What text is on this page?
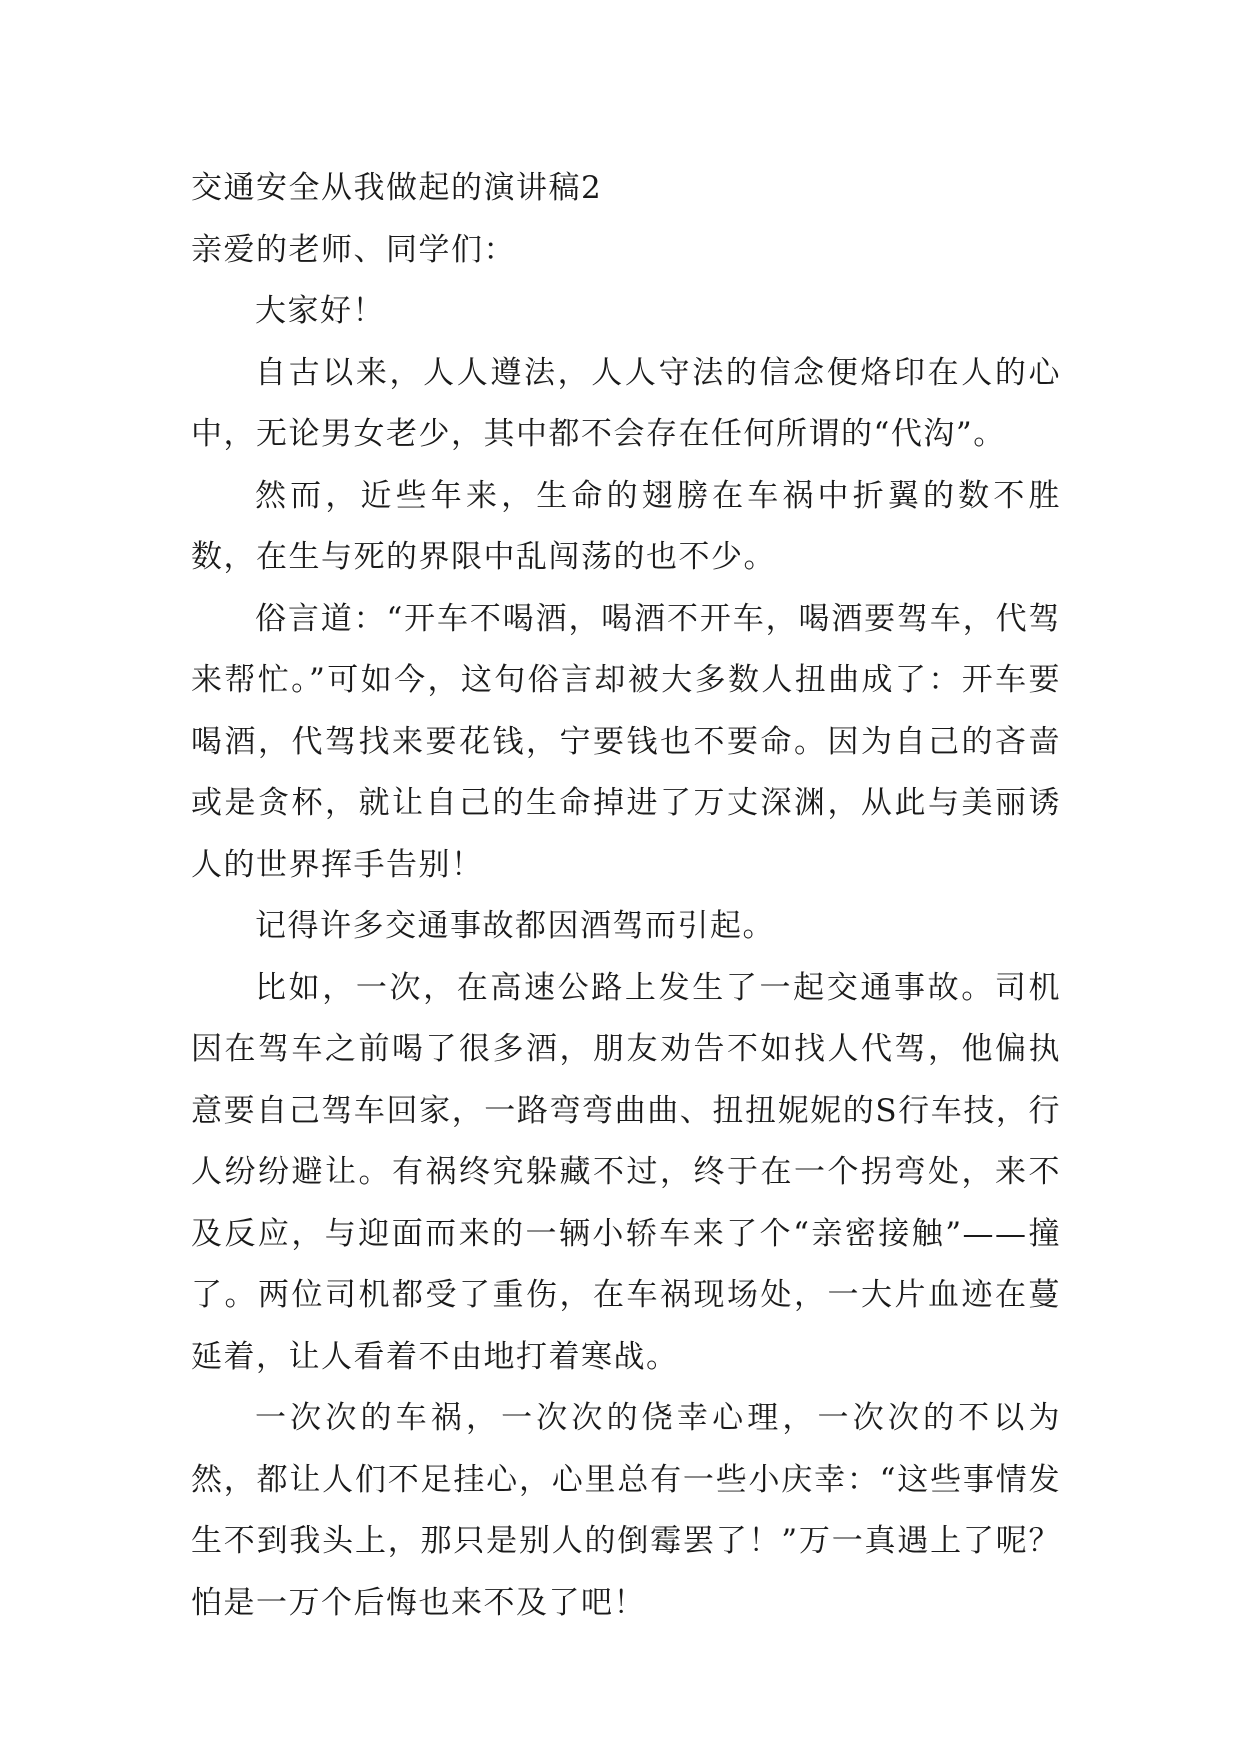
交通安全从我做起的演讲稿2

亲爱的老师、同学们：

大家好！

自古以来，人人遵法，人人守法的信念便烙印在人的心中，无论男女老少，其中都不会存在任何所谓的“代沟”。

然而，近些年来，生命的翅膀在车祸中折翼的数不胜数，在生与死的界限中乱闯荡的也不少。

俗言道：“开车不喝酒，喝酒不开车，喝酒要驾车，代驾来帮忙。”可如今，这句俗言却被大多数人扭曲成了：开车要喝酒，代驾找来要花钱，宁要钱也不要命。因为自己的吝啬或是贪杯，就让自己的生命掉进了万丈深渊，从此与美丽诱人的世界挥手告别！

记得许多交通事故都因酒驾而引起。

比如，一次，在高速公路上发生了一起交通事故。司机因在驾车之前喝了很多酒，朋友劝告不如找人代驾，他偏执意要自己驾车回家，一路弯弯曲曲、扭扭妮妮的S行车技，行人纷纷避让。有祸终究躲藏不过，终于在一个拐弯处，来不及反应，与迎面而来的一辆小轿车来了个“亲密接触”——撞了。两位司机都受了重伤，在车祸现场处，一大片血迹在蔓延着，让人看着不由地打着寒战。

一次次的车祸，一次次的侥幸心理，一次次的不以为然，都让人们不足挂心，心里总有一些小庆幸：“这些事情发生不到我头上，那只是别人的倒霉罢了！”万一真遇上了呢？怕是一万个后悔也来不及了吧！
